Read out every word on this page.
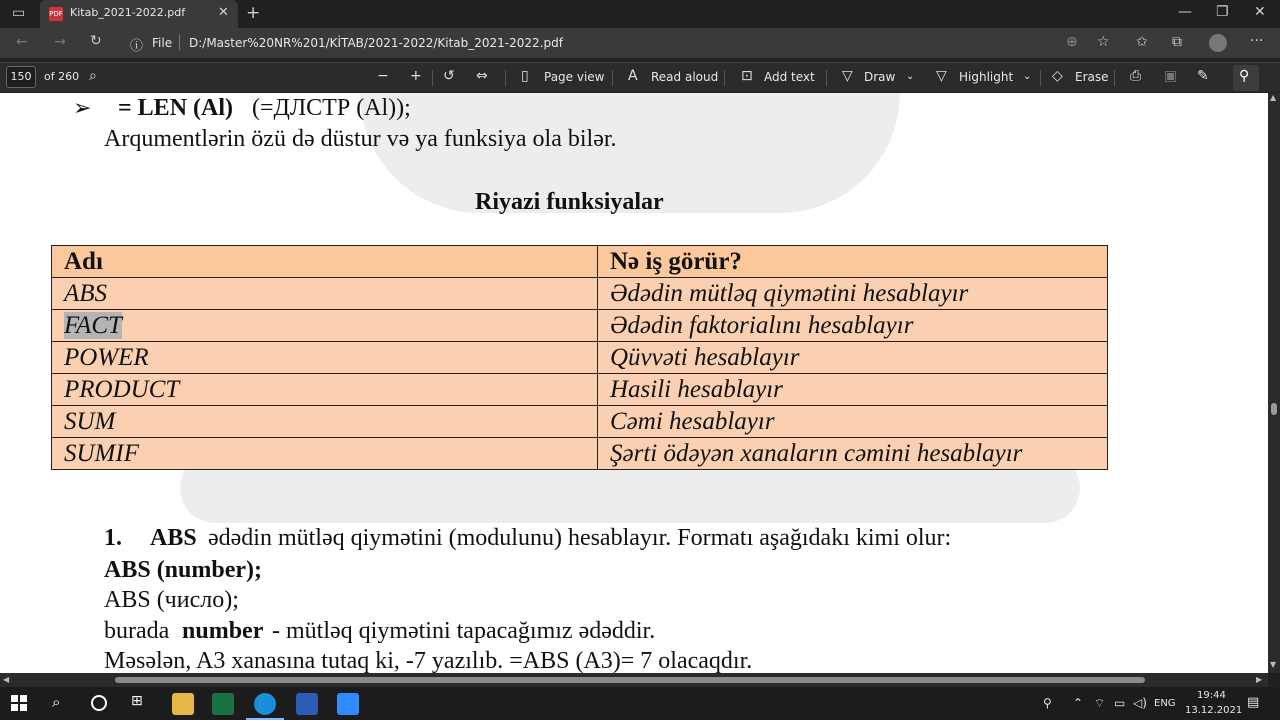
▭	PDF Kitab_2021-2022.pdf	✕ +	— ❐ ✕
← → ↻ ⓘ File D:/Master%20NR%201/KİTAB/2021-2022/Kitab_2021-2022.pdf	⊕ ☆ ✩ ⧉	···
150	of 260 ⌕	− + ↺ ⇔ ▯ Page view A Read aloud ⊡ Add text ▽ Draw ⌄ ▽ Highlight ⌄ ◇ Erase ⎙ ▣ ✎ ⚲
➢ = LEN (Al) (=ДЛСТР (Al));
Arqumentlərin özü də düstur və ya funksiya ola bilər.
Riyazi funksiyalar
Adı	Nə iş görür?
ABS	Ədədin mütləq qiymətini hesablayır
FACT	Ədədin faktorialını hesablayır
POWER	Qüvvəti hesablayır
PRODUCT	Hasili hesablayır
SUM	Cəmi hesablayır
SUMIF	Şərti ödəyən xanaların cəmini hesablayır
1. ABS ədədin mütləq qiymətini (modulunu) hesablayır. Formatı aşağıdakı kimi olur:
ABS (number);
ABS (число);
burada number - mütləq qiymətini tapacağımız ədəddir.
Məsələn, A3 xanasına tutaq ki, -7 yazılıb. =ABS (A3)= 7 olacaqdır.
▲
▼
◀	▶
⌕	⊞	⚲ ⌃ ⌔ ▭ ◁) ENG
19:44
13.12.2021
▤
